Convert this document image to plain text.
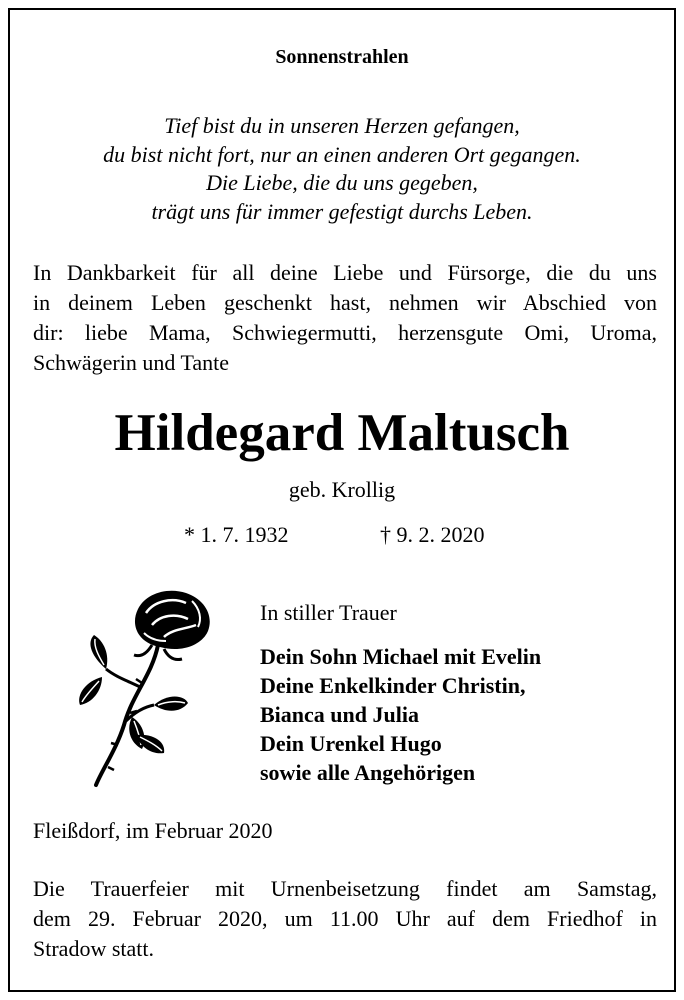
Sonnenstrahlen
Tief bist du in unseren Herzen gefangen,
du bist nicht fort, nur an einen anderen Ort gegangen.
Die Liebe, die du uns gegeben,
trägt uns für immer gefestigt durchs Leben.
In Dankbarkeit für all deine Liebe und Fürsorge, die du uns
in deinem Leben geschenkt hast, nehmen wir Abschied von
dir: liebe Mama, Schwiegermutti, herzensgute Omi, Uroma,
Schwägerin und Tante
Hildegard Maltusch
geb. Krollig
* 1. 7. 1932	† 9. 2. 2020
In stiller Trauer
Dein Sohn Michael mit Evelin
Deine Enkelkinder Christin,
Bianca und Julia
Dein Urenkel Hugo
sowie alle Angehörigen
Fleißdorf, im Februar 2020
Die Trauerfeier mit Urnenbeisetzung findet am Samstag,
dem 29. Februar 2020, um 11.00 Uhr auf dem Friedhof in
Stradow statt.
